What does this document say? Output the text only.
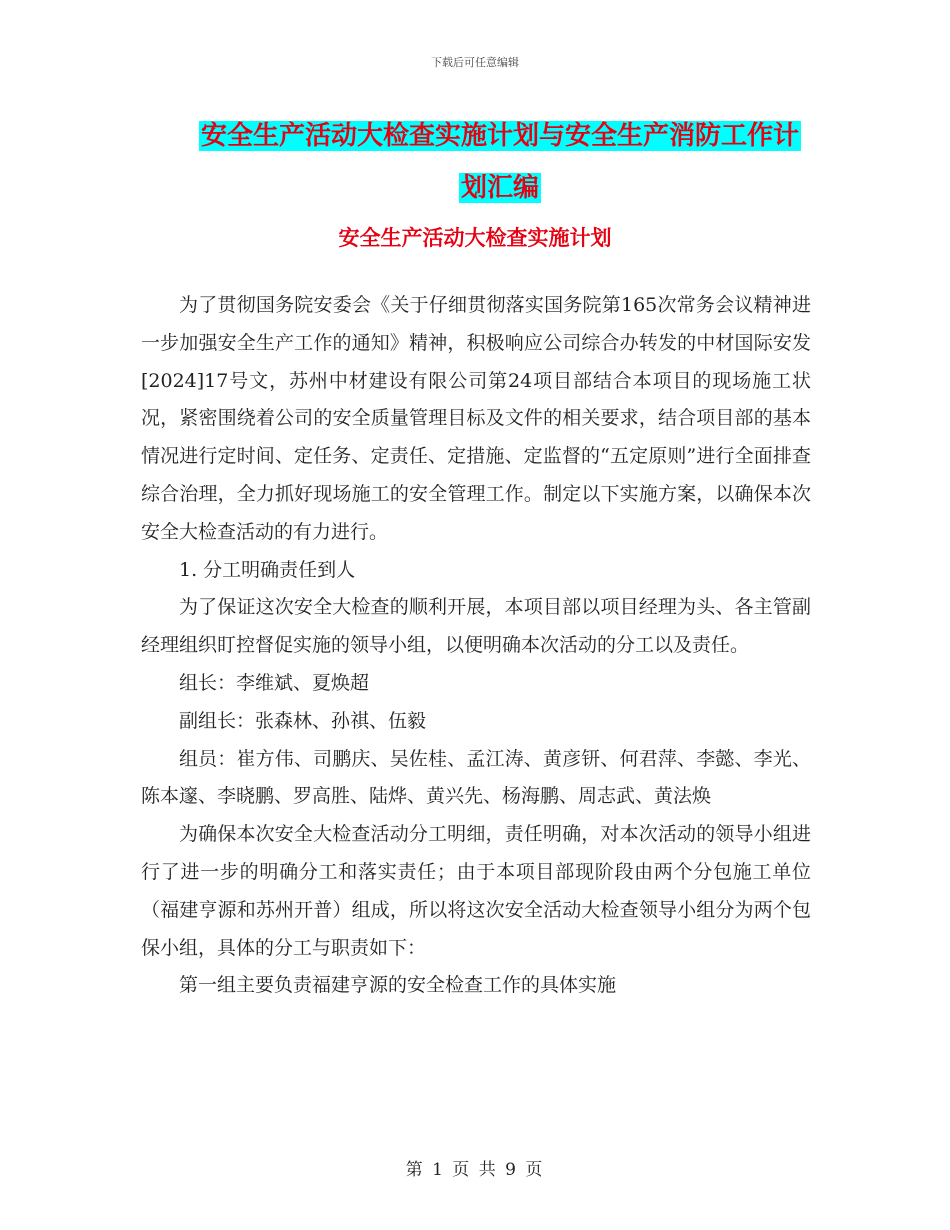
下载后可任意编辑
安全生产活动大检查实施计划与安全生产消防工作计
划汇编
安全生产活动大检查实施计划

为了贯彻国务院安委会《关于仔细贯彻落实国务院第165次常务会议精神进一步加强安全生产工作的通知》精神，积极响应公司综合办转发的中材国际安发[2024]17号文，苏州中材建设有限公司第24项目部结合本项目的现场施工状况，紧密围绕着公司的安全质量管理目标及文件的相关要求，结合项目部的基本情况进行定时间、定任务、定责任、定措施、定监督的“五定原则”进行全面排查综合治理，全力抓好现场施工的安全管理工作。制定以下实施方案，以确保本次安全大检查活动的有力进行。

1. 分工明确责任到人

为了保证这次安全大检查的顺利开展，本项目部以项目经理为头、各主管副经理组织盯控督促实施的领导小组，以便明确本次活动的分工以及责任。

组长：李维斌、夏焕超

副组长：张森林、孙祺、伍毅

组员：崔方伟、司鹏庆、吴佐桂、孟江涛、黄彦钘、何君萍、李懿、李光、陈本邃、李晓鹏、罗高胜、陆烨、黄兴先、杨海鹏、周志武、黄法焕

为确保本次安全大检查活动分工明细，责任明确，对本次活动的领导小组进行了进一步的明确分工和落实责任；由于本项目部现阶段由两个分包施工单位（福建亨源和苏州开普）组成，所以将这次安全活动大检查领导小组分为两个包保小组，具体的分工与职责如下：

第一组主要负责福建亨源的安全检查工作的具体实施

第 1 页 共 9 页
